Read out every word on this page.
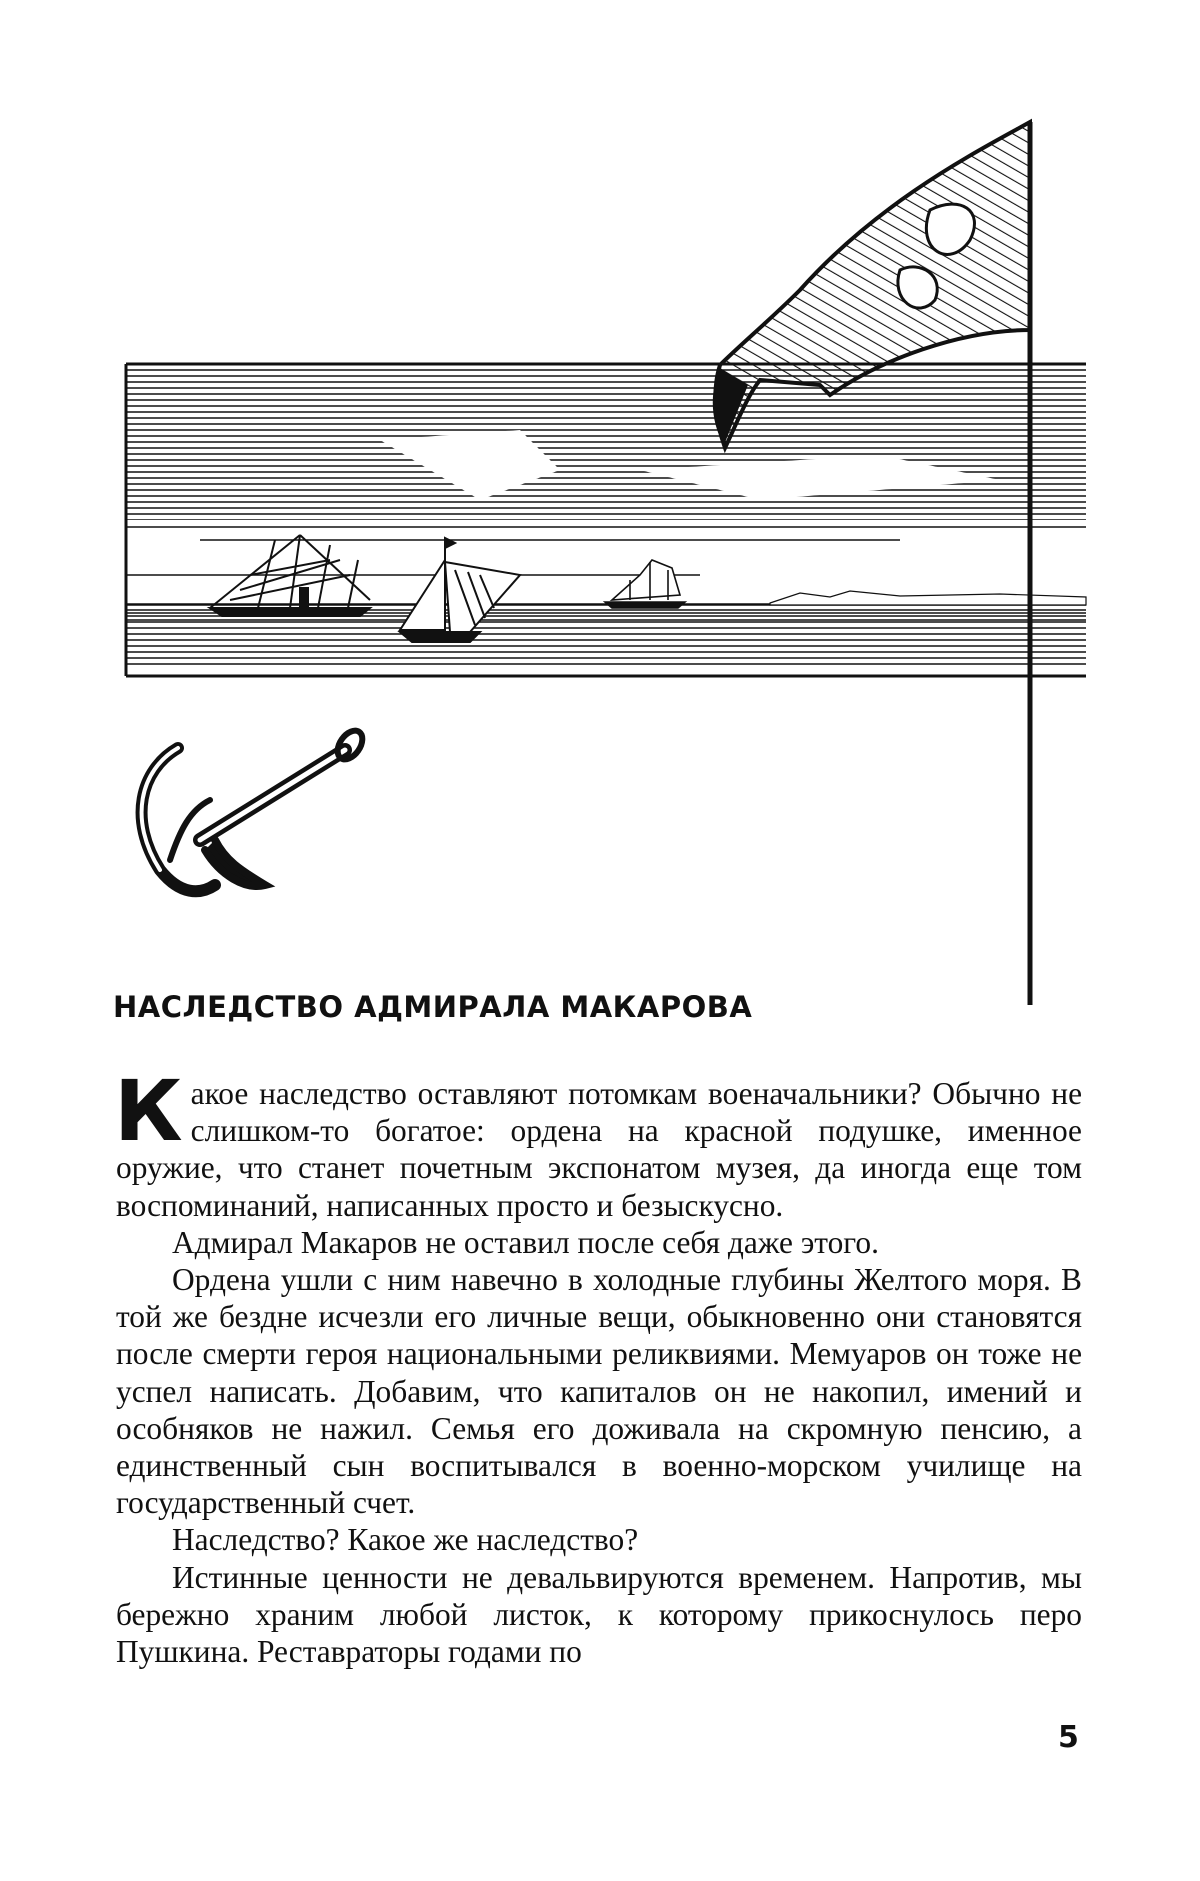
НАСЛЕДСТВО АДМИРАЛА МАКАРОВА

Какое наследство оставляют потомкам военачальники? Обычно не слишком-то богатое: ордена на красной подушке, именное оружие, что станет почетным экспонатом музея, да иногда еще том воспоминаний, написанных просто и безыскусно.

Адмирал Макаров не оставил после себя даже этого.

Ордена ушли с ним навечно в холодные глубины Желтого моря. В той же бездне исчезли его личные вещи, обыкновенно они становятся после смерти героя национальными реликвиями. Мемуаров он тоже не успел написать. Добавим, что капиталов он не накопил, имений и особняков не нажил. Семья его доживала на скромную пенсию, а единственный сын воспитывался в военно-морском училище на государственный счет.

Наследство? Какое же наследство?

Истинные ценности не девальвируются временем. Напротив, мы бережно храним любой листок, к которому прикоснулось перо Пушкина. Реставраторы годами по

5
